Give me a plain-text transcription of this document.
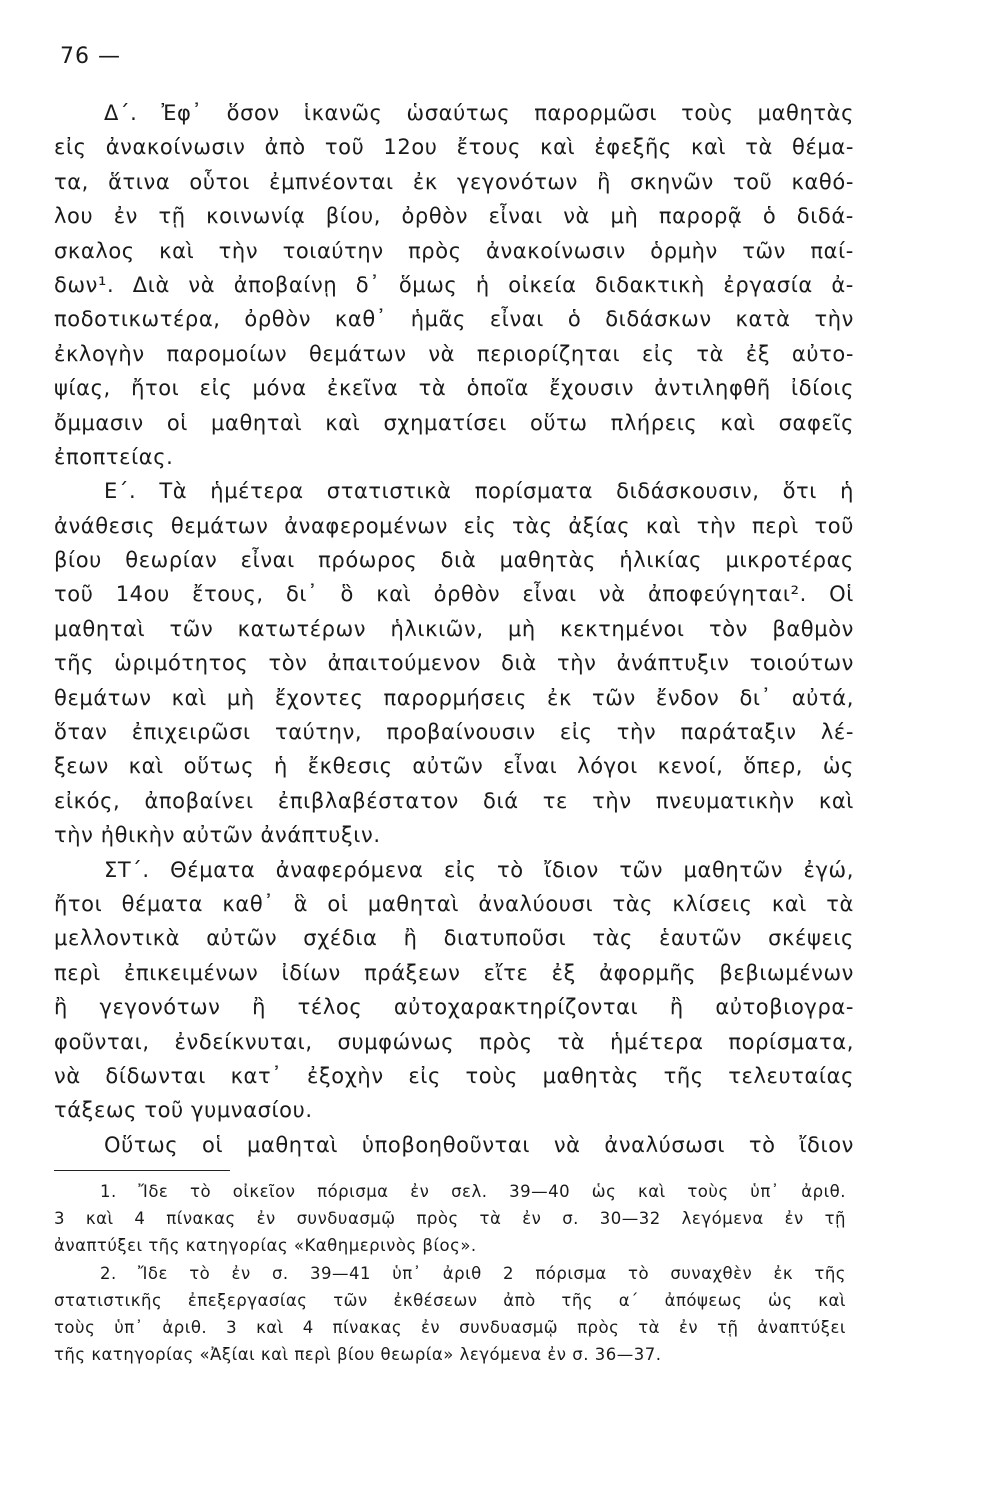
76 —
Δ΄. Ἐφ᾿ ὅσον ἱκανῶς ὡσαύτως παρορμῶσι τοὺς μαθητὰς
εἰς ἀνακοίνωσιν ἀπὸ τοῦ 12ου ἔτους καὶ ἐφεξῆς καὶ τὰ θέμα-
τα, ἅτινα οὗτοι ἐμπνέονται ἐκ γεγονότων ἢ σκηνῶν τοῦ καθό-
λου ἐν τῇ κοινωνίᾳ βίου, ὀρθὸν εἶναι νὰ μὴ παρορᾷ ὁ διδά-
σκαλος καὶ τὴν τοιαύτην πρὸς ἀνακοίνωσιν ὁρμὴν τῶν παί-
δων¹. Διὰ νὰ ἀποβαίνῃ δ᾿ ὅμως ἡ οἰκεία διδακτικὴ ἐργασία ἀ-
ποδοτικωτέρα, ὀρθὸν καθ᾿ ἡμᾶς εἶναι ὁ διδάσκων κατὰ τὴν
ἐκλογὴν παρομοίων θεμάτων νὰ περιορίζηται εἰς τὰ ἐξ αὐτο-
ψίας, ἤτοι εἰς μόνα ἐκεῖνα τὰ ὁποῖα ἔχουσιν ἀντιληφθῆ ἰδίοις
ὄμμασιν οἱ μαθηταὶ καὶ σχηματίσει οὕτω πλήρεις καὶ σαφεῖς
ἐποπτείας.
Ε΄. Τὰ ἡμέτερα στατιστικὰ πορίσματα διδάσκουσιν, ὅτι ἡ
ἀνάθεσις θεμάτων ἀναφερομένων εἰς τὰς ἀξίας καὶ τὴν περὶ τοῦ
βίου θεωρίαν εἶναι πρόωρος διὰ μαθητὰς ἡλικίας μικροτέρας
τοῦ 14ου ἔτους, δι᾿ ὃ καὶ ὀρθὸν εἶναι νὰ ἀποφεύγηται². Οἱ
μαθηταὶ τῶν κατωτέρων ἡλικιῶν, μὴ κεκτημένοι τὸν βαθμὸν
τῆς ὡριμότητος τὸν ἀπαιτούμενον διὰ τὴν ἀνάπτυξιν τοιούτων
θεμάτων καὶ μὴ ἔχοντες παρορμήσεις ἐκ τῶν ἔνδον δι᾿ αὐτά,
ὅταν ἐπιχειρῶσι ταύτην, προβαίνουσιν εἰς τὴν παράταξιν λέ-
ξεων καὶ οὕτως ἡ ἔκθεσις αὐτῶν εἶναι λόγοι κενοί, ὅπερ, ὡς
εἰκός, ἀποβαίνει ἐπιβλαβέστατον διά τε τὴν πνευματικὴν καὶ
τὴν ἠθικὴν αὐτῶν ἀνάπτυξιν.
ΣΤ΄. Θέματα ἀναφερόμενα εἰς τὸ ἴδιον τῶν μαθητῶν ἐγώ,
ἤτοι θέματα καθ᾿ ἃ οἱ μαθηταὶ ἀναλύουσι τὰς κλίσεις καὶ τὰ
μελλοντικὰ αὐτῶν σχέδια ἢ διατυποῦσι τὰς ἑαυτῶν σκέψεις
περὶ ἐπικειμένων ἰδίων πράξεων εἴτε ἐξ ἀφορμῆς βεβιωμένων
ἢ γεγονότων ἢ τέλος αὐτοχαρακτηρίζονται ἢ αὐτοβιογρα-
φοῦνται, ἐνδείκνυται, συμφώνως πρὸς τὰ ἡμέτερα πορίσματα,
νὰ δίδωνται κατ᾿ ἐξοχὴν εἰς τοὺς μαθητὰς τῆς τελευταίας
τάξεως τοῦ γυμνασίου.
Οὕτως οἱ μαθηταὶ ὑποβοηθοῦνται νὰ ἀναλύσωσι τὸ ἴδιον
1. Ἴδε τὸ οἰκεῖον πόρισμα ἐν σελ. 39—40 ὡς καὶ τοὺς ὑπ᾿ ἀριθ.
3 καὶ 4 πίνακας ἐν συνδυασμῷ πρὸς τὰ ἐν σ. 30—32 λεγόμενα ἐν τῇ
ἀναπτύξει τῆς κατηγορίας «Καθημερινὸς βίος».
2. Ἴδε τὸ ἐν σ. 39—41 ὑπ᾿ ἀριθ 2 πόρισμα τὸ συναχθὲν ἐκ τῆς
στατιστικῆς ἐπεξεργασίας τῶν ἐκθέσεων ἀπὸ τῆς α΄ ἀπόψεως ὡς καὶ
τοὺς ὑπ᾿ ἀριθ. 3 καὶ 4 πίνακας ἐν συνδυασμῷ πρὸς τὰ ἐν τῇ ἀναπτύξει
τῆς κατηγορίας «Ἀξίαι καὶ περὶ βίου θεωρία» λεγόμενα ἐν σ. 36—37.
